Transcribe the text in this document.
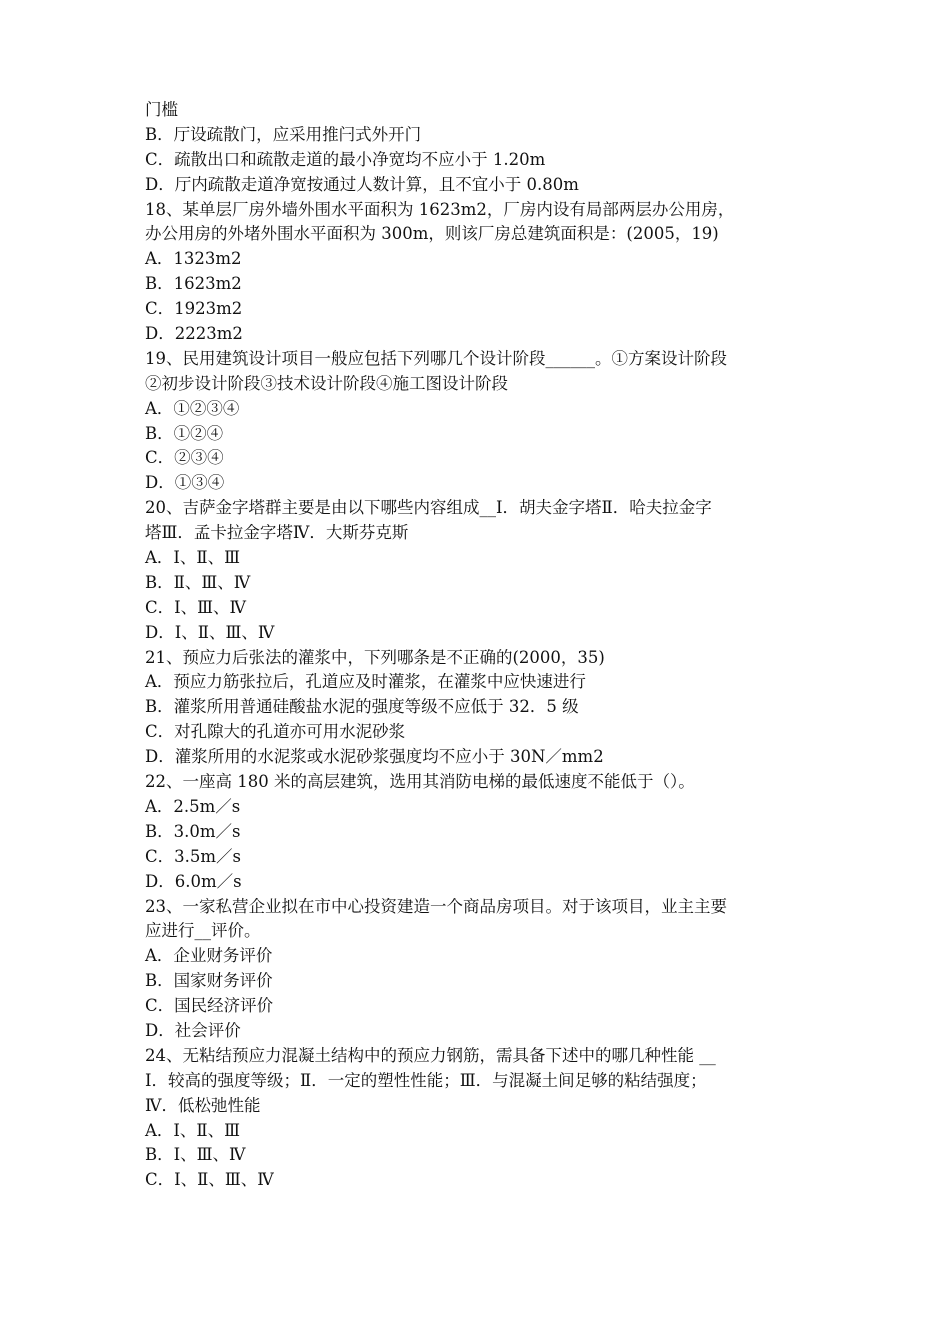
门槛
B．厅设疏散门，应采用推闩式外开门
C．疏散出口和疏散走道的最小净宽均不应小于 1.20m
D．厅内疏散走道净宽按通过人数计算，且不宜小于 0.80m
18、某单层厂房外墙外围水平面积为 1623m2，厂房内设有局部两层办公用房，
办公用房的外堵外围水平面积为 300m，则该厂房总建筑面积是：(2005，19)
A．1323m2
B．1623m2
C．1923m2
D．2223m2
19、民用建筑设计项目一般应包括下列哪几个设计阶段______。①方案设计阶段
②初步设计阶段③技术设计阶段④施工图设计阶段
A．①②③④
B．①②④
C．②③④
D．①③④
20、吉萨金字塔群主要是由以下哪些内容组成__Ⅰ．胡夫金字塔Ⅱ．哈夫拉金字
塔Ⅲ．孟卡拉金字塔Ⅳ．大斯芬克斯
A．Ⅰ、Ⅱ、Ⅲ
B．Ⅱ、Ⅲ、Ⅳ
C．Ⅰ、Ⅲ、Ⅳ
D．Ⅰ、Ⅱ、Ⅲ、Ⅳ
21、预应力后张法的灌浆中，下列哪条是不正确的(2000，35)
A．预应力筋张拉后，孔道应及时灌浆，在灌浆中应快速进行
B．灌浆所用普通硅酸盐水泥的强度等级不应低于 32．5 级
C．对孔隙大的孔道亦可用水泥砂浆
D．灌浆所用的水泥浆或水泥砂浆强度均不应小于 30N／mm2
22、一座高 180 米的高层建筑，选用其消防电梯的最低速度不能低于（）。
A．2.5m／s
B．3.0m／s
C．3.5m／s
D．6.0m／s
23、一家私营企业拟在市中心投资建造一个商品房项目。对于该项目，业主主要
应进行__评价。
A．企业财务评价
B．国家财务评价
C．国民经济评价
D．社会评价
24、无粘结预应力混凝土结构中的预应力钢筋，需具备下述中的哪几种性能 __
Ⅰ．较高的强度等级；Ⅱ．一定的塑性性能；Ⅲ．与混凝土间足够的粘结强度；
Ⅳ．低松弛性能
A．Ⅰ、Ⅱ、Ⅲ
B．Ⅰ、Ⅲ、Ⅳ
C．Ⅰ、Ⅱ、Ⅲ、Ⅳ
